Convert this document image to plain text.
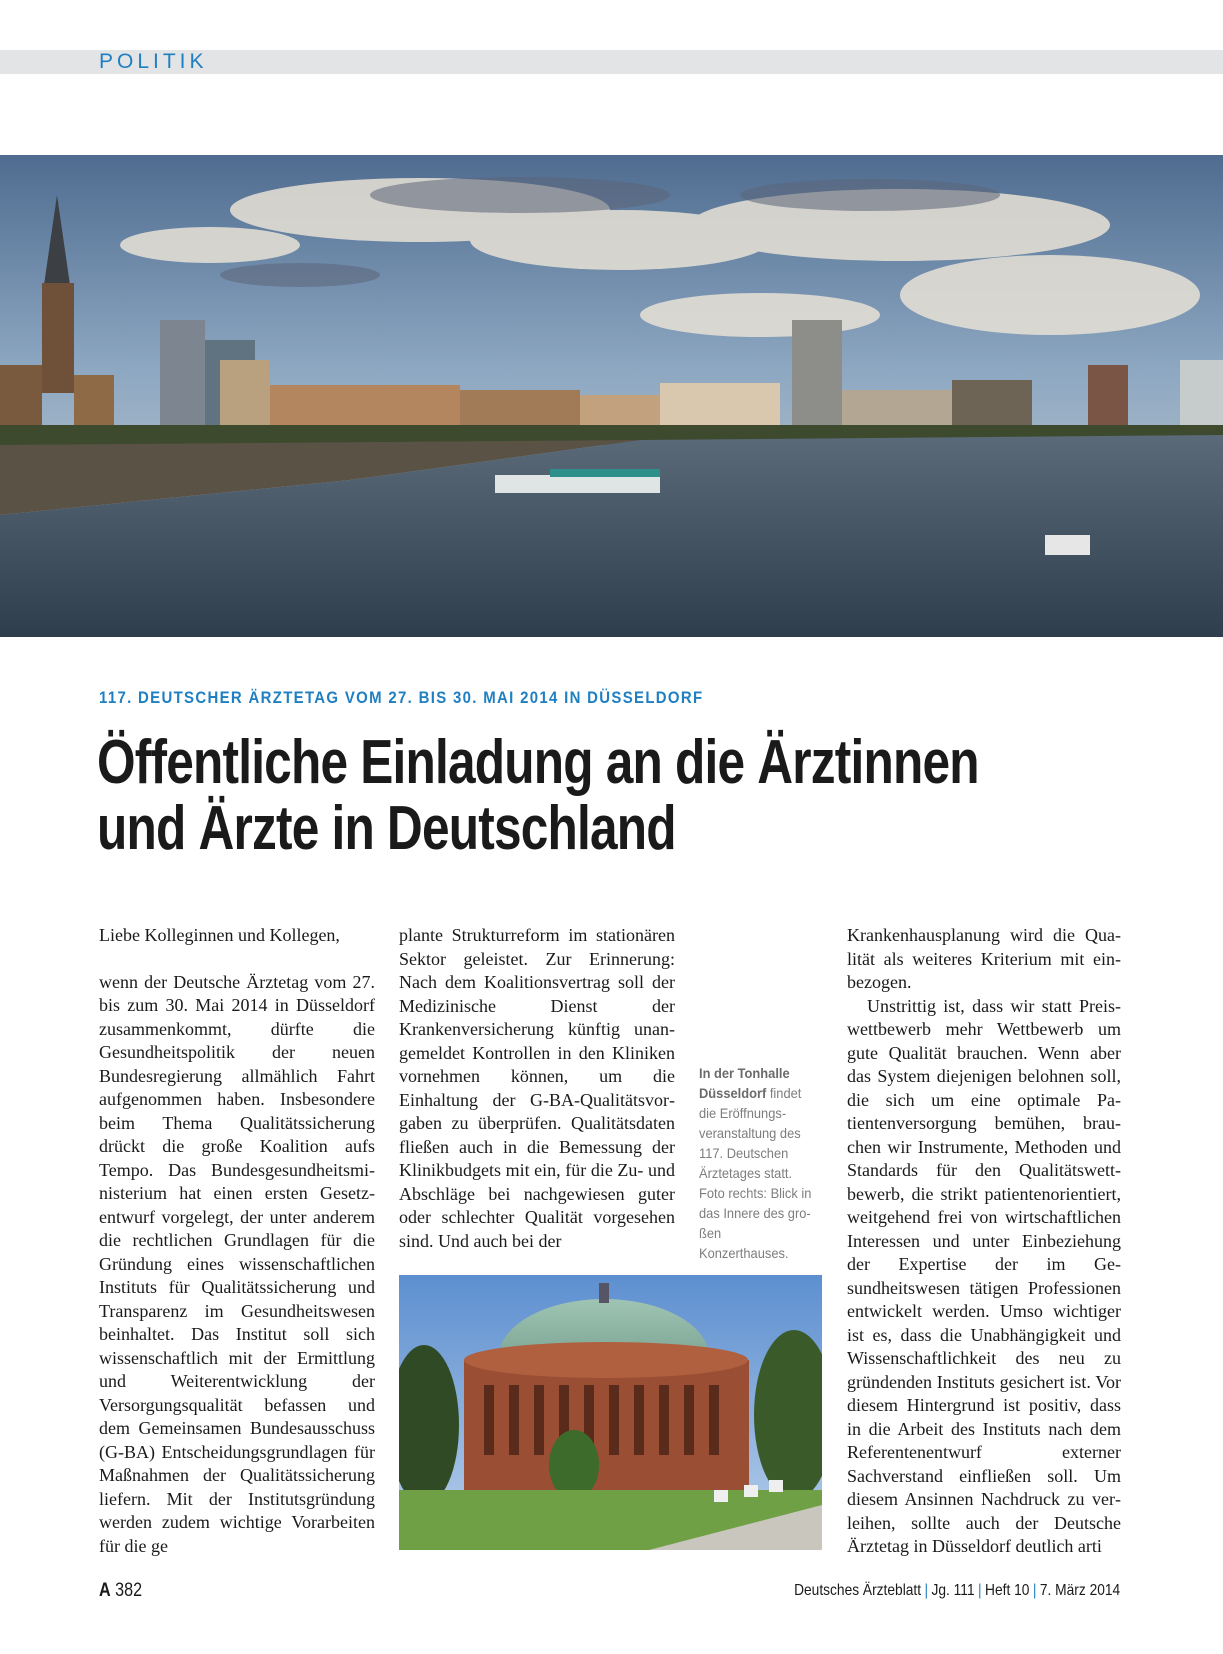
POLITIK
117. DEUTSCHER ÄRZTETAG VOM 27. BIS 30. MAI 2014 IN DÜSSELDORF
Öffentliche Einladung an die Ärztinnen
und Ärzte in Deutschland

Liebe Kolleginnen und Kollegen,

wenn der Deutsche Ärztetag vom 27. bis zum 30. Mai 2014 in Düsseldorf zusammenkommt, dürfte die Gesundheitspolitik der neuen Bundesregierung allmählich Fahrt aufgenommen haben. Insbesondere beim Thema Qualitätssicherung drückt die große Koalition aufs Tempo. Das Bundesgesundheitsministerium hat einen ersten Gesetzentwurf vorgelegt, der unter anderem die rechtlichen Grundlagen für die Gründung eines wissenschaftlichen Instituts für Qualitätssicherung und Transparenz im Gesundheitswesen beinhaltet. Das Institut soll sich wissenschaftlich mit der Ermittlung und Weiterentwicklung der Versorgungsqualität befassen und dem Gemeinsamen Bundesausschuss (G-BA) Entscheidungsgrundlagen für Maßnahmen der Qualitätssicherung liefern. Mit der Institutsgründung werden zudem wichtige Vorarbeiten für die ge

plante Strukturreform im stationären Sektor geleistet. Zur Erinnerung: Nach dem Koalitionsvertrag soll der Medizinische Dienst der Krankenversicherung künftig unangemeldet Kontrollen in den Kliniken vornehmen können, um die Einhaltung der G-BA-Qualitätsvorgaben zu überprüfen. Qualitätsdaten fließen auch in die Bemessung der Klinikbudgets mit ein, für die Zu- und Abschläge bei nachgewiesen guter oder schlechter Qualität vorgesehen sind. Und auch bei der

In der Tonhalle Düsseldorf findet die Eröffnungsveranstaltung des 117. Deutschen Ärztetages statt. Foto rechts: Blick in das Innere des großen Konzerthauses.

Krankenhausplanung wird die Qualität als weiteres Kriterium mit einbezogen.

Unstrittig ist, dass wir statt Preiswettbewerb mehr Wettbewerb um gute Qualität brauchen. Wenn aber das System diejenigen belohnen soll, die sich um eine optimale Patientenversorgung bemühen, brauchen wir Instrumente, Methoden und Standards für den Qualitätswettbewerb, die strikt patientenorientiert, weitgehend frei von wirtschaftlichen Interessen und unter Einbeziehung der Expertise der im Gesundheitswesen tätigen Professionen entwickelt werden. Umso wichtiger ist es, dass die Unabhängigkeit und Wissenschaftlichkeit des neu zu gründenden Instituts gesichert ist. Vor diesem Hintergrund ist positiv, dass in die Arbeit des Instituts nach dem Referentenentwurf externer Sachverstand einfließen soll. Um diesem Ansinnen Nachdruck zu verleihen, sollte auch der Deutsche Ärztetag in Düsseldorf deutlich arti

A 382	Deutsches Ärzteblatt | Jg. 111 | Heft 10 | 7. März 2014
